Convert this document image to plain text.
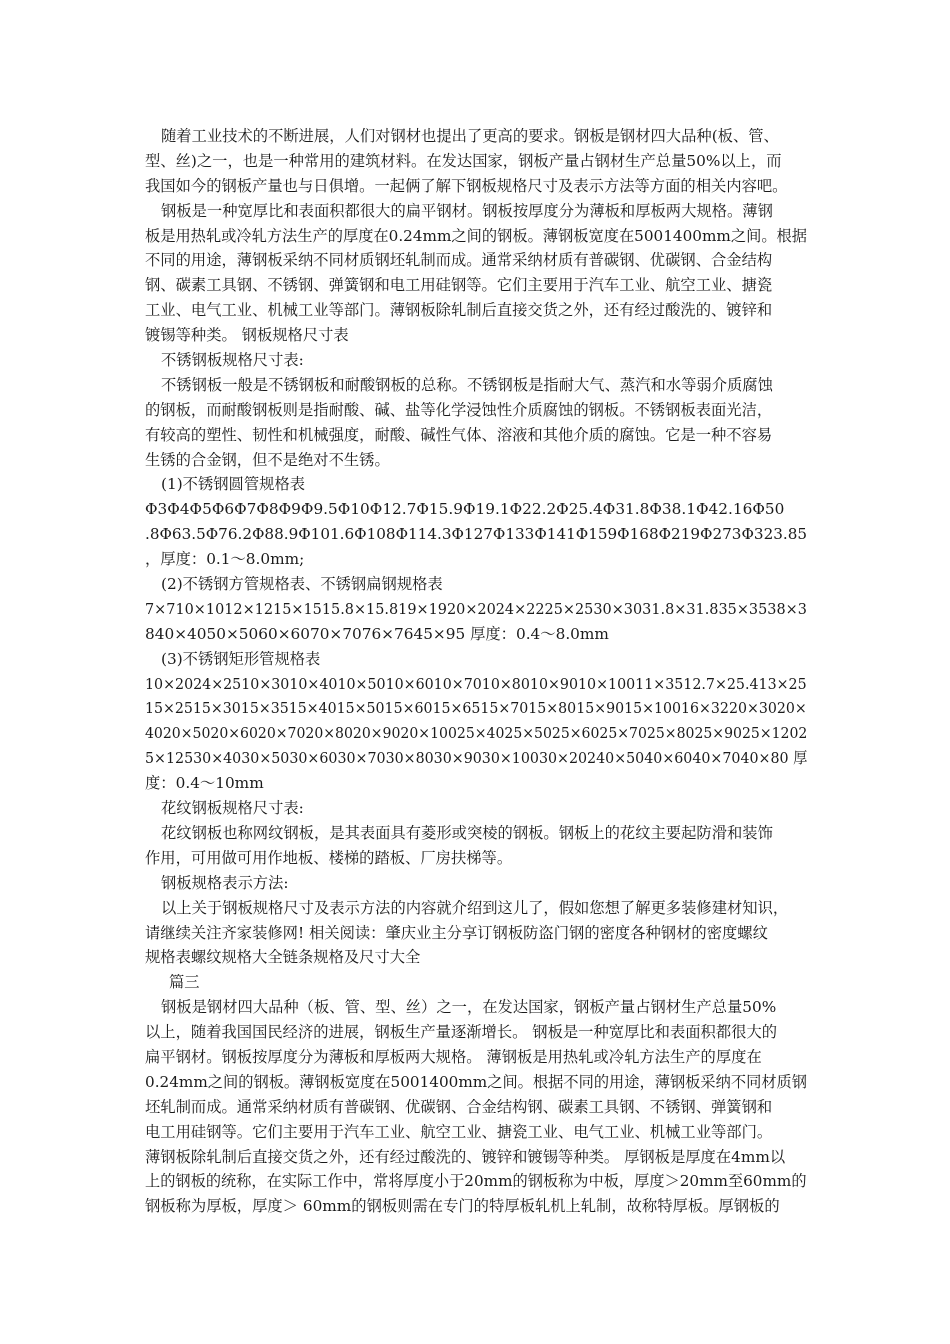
随着工业技术的不断进展，人们对钢材也提出了更高的要求。钢板是钢材四大品种(板、管、
型、丝)之一，也是一种常用的建筑材料。在发达国家，钢板产量占钢材生产总量50%以上，而
我国如今的钢板产量也与日俱增。一起俩了解下钢板规格尺寸及表示方法等方面的相关内容吧。
钢板是一种宽厚比和表面积都很大的扁平钢材。钢板按厚度分为薄板和厚板两大规格。薄钢
板是用热轧或冷轧方法生产的厚度在0.24mm之间的钢板。薄钢板宽度在5001400mm之间。根据
不同的用途，薄钢板采纳不同材质钢坯轧制而成。通常采纳材质有普碳钢、优碳钢、合金结构
钢、碳素工具钢、不锈钢、弹簧钢和电工用硅钢等。它们主要用于汽车工业、航空工业、搪瓷
工业、电气工业、机械工业等部门。薄钢板除轧制后直接交货之外，还有经过酸洗的、镀锌和
镀锡等种类。 钢板规格尺寸表
不锈钢板规格尺寸表:
不锈钢板一般是不锈钢板和耐酸钢板的总称。不锈钢板是指耐大气、蒸汽和水等弱介质腐蚀
的钢板，而耐酸钢板则是指耐酸、碱、盐等化学浸蚀性介质腐蚀的钢板。不锈钢板表面光洁，
有较高的塑性、韧性和机械强度，耐酸、碱性气体、溶液和其他介质的腐蚀。它是一种不容易
生锈的合金钢，但不是绝对不生锈。
(1)不锈钢圆管规格表
Φ3Φ4Φ5Φ6Φ7Φ8Φ9Φ9.5Φ10Φ12.7Φ15.9Φ19.1Φ22.2Φ25.4Φ31.8Φ38.1Φ42.16Φ50
.8Φ63.5Φ76.2Φ88.9Φ101.6Φ108Φ114.3Φ127Φ133Φ141Φ159Φ168Φ219Φ273Φ323.85
，厚度：0.1～8.0mm;
(2)不锈钢方管规格表、不锈钢扁钢规格表
7×710×1012×1215×1515.8×15.819×1920×2024×2225×2530×3031.8×31.835×3538×3
840×4050×5060×6070×7076×7645×95 厚度：0.4～8.0mm
(3)不锈钢矩形管规格表
10×2024×2510×3010×4010×5010×6010×7010×8010×9010×10011×3512.7×25.413×25
15×2515×3015×3515×4015×5015×6015×6515×7015×8015×9015×10016×3220×3020×
4020×5020×6020×7020×8020×9020×10025×4025×5025×6025×7025×8025×9025×1202
5×12530×4030×5030×6030×7030×8030×9030×10030×20240×5040×6040×7040×80 厚
度：0.4～10mm
花纹钢板规格尺寸表:
花纹钢板也称网纹钢板，是其表面具有菱形或突棱的钢板。钢板上的花纹主要起防滑和装饰
作用，可用做可用作地板、楼梯的踏板、厂房扶梯等。
钢板规格表示方法:
以上关于钢板规格尺寸及表示方法的内容就介绍到这儿了，假如您想了解更多装修建材知识，
请继续关注齐家装修网! 相关阅读：肇庆业主分享订钢板防盗门钢的密度各种钢材的密度螺纹
规格表螺纹规格大全链条规格及尺寸大全
篇三
钢板是钢材四大品种（板、管、型、丝）之一，在发达国家，钢板产量占钢材生产总量50%
以上，随着我国国民经济的进展，钢板生产量逐渐增长。 钢板是一种宽厚比和表面积都很大的
扁平钢材。钢板按厚度分为薄板和厚板两大规格。 薄钢板是用热轧或冷轧方法生产的厚度在
0.24mm之间的钢板。薄钢板宽度在5001400mm之间。根据不同的用途，薄钢板采纳不同材质钢
坯轧制而成。通常采纳材质有普碳钢、优碳钢、合金结构钢、碳素工具钢、不锈钢、弹簧钢和
电工用硅钢等。它们主要用于汽车工业、航空工业、搪瓷工业、电气工业、机械工业等部门。
薄钢板除轧制后直接交货之外，还有经过酸洗的、镀锌和镀锡等种类。 厚钢板是厚度在4mm以
上的钢板的统称，在实际工作中，常将厚度小于20mm的钢板称为中板，厚度＞20mm至60mm的
钢板称为厚板，厚度＞ 60mm的钢板则需在专门的特厚板轧机上轧制，故称特厚板。厚钢板的
